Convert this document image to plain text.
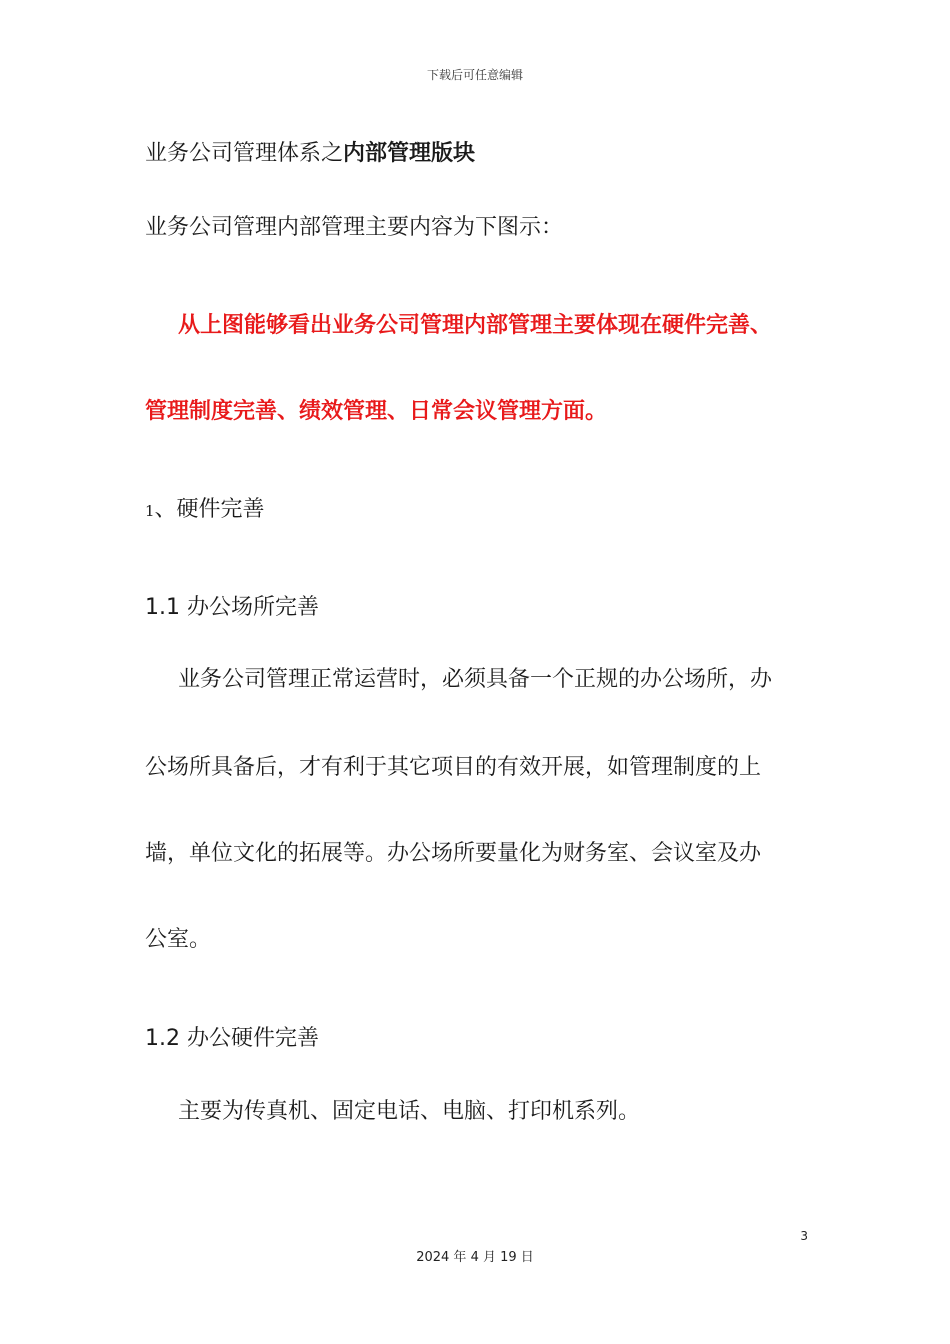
下载后可任意编辑
业务公司管理体系之内部管理版块
业务公司管理内部管理主要内容为下图示：
从上图能够看出业务公司管理内部管理主要体现在硬件完善、
管理制度完善、绩效管理、日常会议管理方面。
1、硬件完善
1.1 办公场所完善
业务公司管理正常运营时，必须具备一个正规的办公场所，办
公场所具备后，才有利于其它项目的有效开展，如管理制度的上
墙，单位文化的拓展等。办公场所要量化为财务室、会议室及办
公室。
1.2 办公硬件完善
主要为传真机、固定电话、电脑、打印机系列。
3
2024 年 4 月 19 日
